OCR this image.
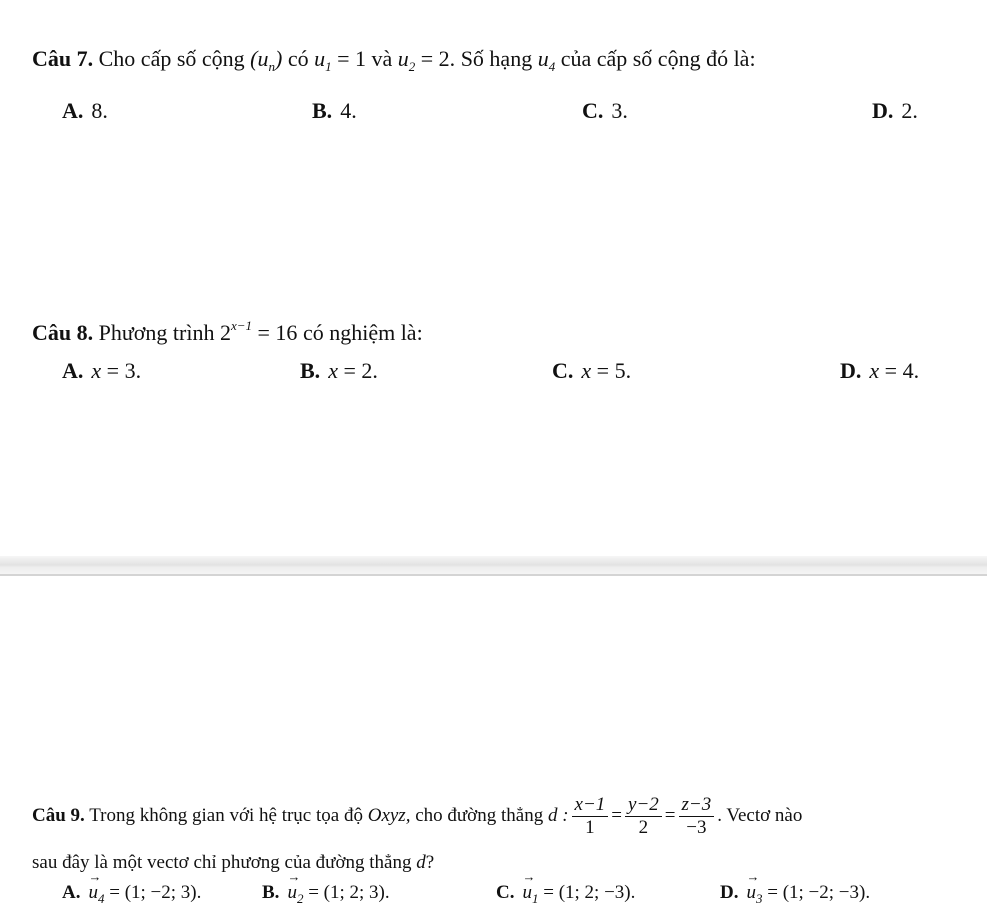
Câu 7. Cho cấp số cộng $(u_n)$ có $u_1 = 1$ và $u_2 = 2$. Số hạng $u_4$ của cấp số cộng đó là:
A. 8.	B. 4.	C. 3.	D. 2.
Câu 8. Phương trình $2^{x-1} = 16$ có nghiệm là:
A. x = 3.	B. x = 2.	C. x = 5.	D. x = 4.
Câu 9. Trong không gian với hệ trục tọa độ Oxyz, cho đường thẳng d : $\frac{x-1}{1} = \frac{y-2}{2} = \frac{z-3}{-3}$ . Vectơ nào
sau đây là một vectơ chỉ phương của đường thẳng d?
$A.\to u_4 = (1$; −2; 3).	$B.\to u_2 = (1$; 2; 3).	$C.\to u_1 = (1$; 2; −3).	$D.\to u_3 = (1$; −2; −3).
